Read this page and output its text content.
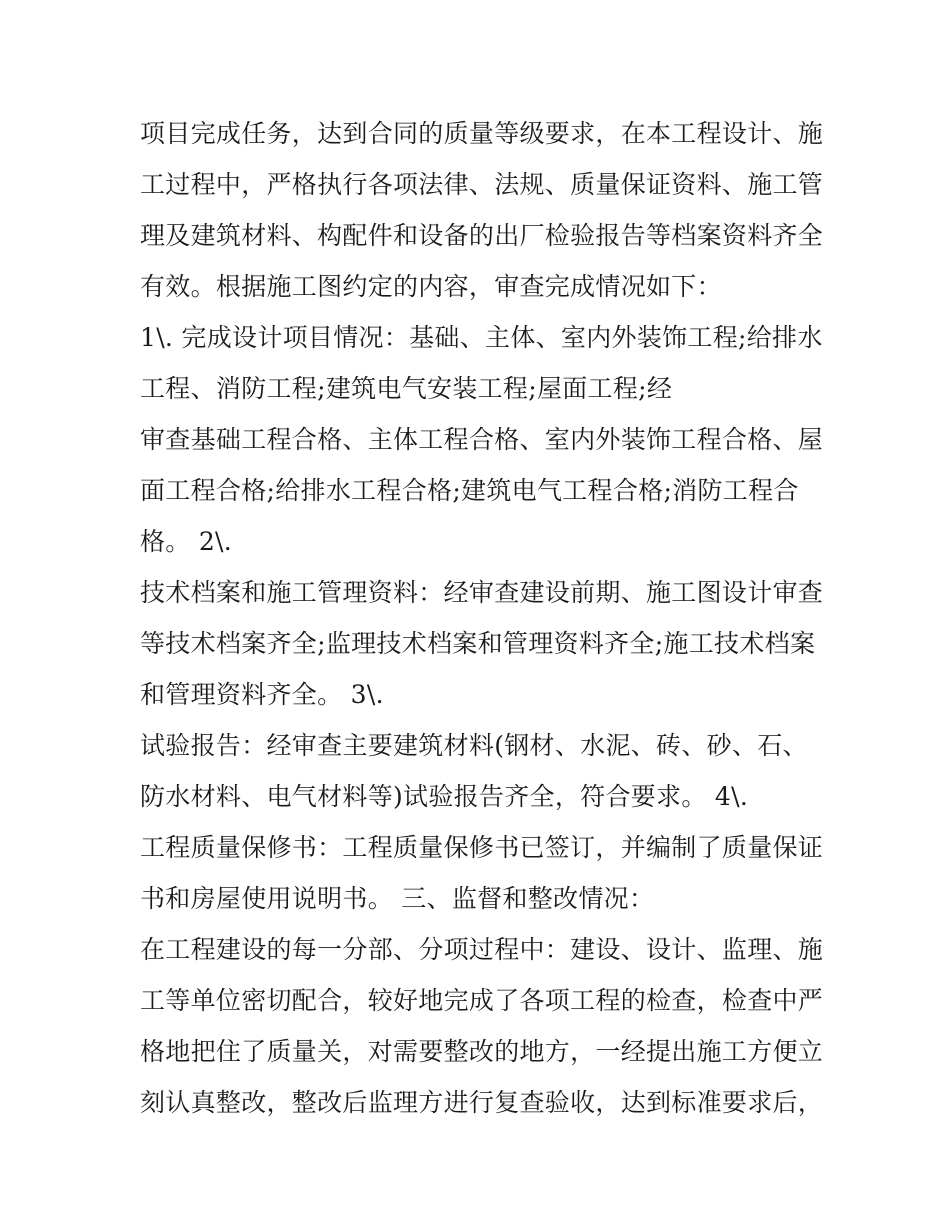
项目完成任务，达到合同的质量等级要求，在本工程设计、施
工过程中，严格执行各项法律、法规、质量保证资料、施工管
理及建筑材料、构配件和设备的出厂检验报告等档案资料齐全
有效。根据施工图约定的内容，审查完成情况如下：
1\. 完成设计项目情况：基础、主体、室内外装饰工程;给排水
工程、消防工程;建筑电气安装工程;屋面工程;经
审查基础工程合格、主体工程合格、室内外装饰工程合格、屋
面工程合格;给排水工程合格;建筑电气工程合格;消防工程合
格。 2\.
技术档案和施工管理资料：经审查建设前期、施工图设计审查
等技术档案齐全;监理技术档案和管理资料齐全;施工技术档案
和管理资料齐全。 3\.
试验报告：经审查主要建筑材料(钢材、水泥、砖、砂、石、
防水材料、电气材料等)试验报告齐全，符合要求。 4\.
工程质量保修书：工程质量保修书已签订，并编制了质量保证
书和房屋使用说明书。 三、监督和整改情况：
在工程建设的每一分部、分项过程中：建设、设计、监理、施
工等单位密切配合，较好地完成了各项工程的检查，检查中严
格地把住了质量关，对需要整改的地方，一经提出施工方便立
刻认真整改，整改后监理方进行复查验收，达到标准要求后，
